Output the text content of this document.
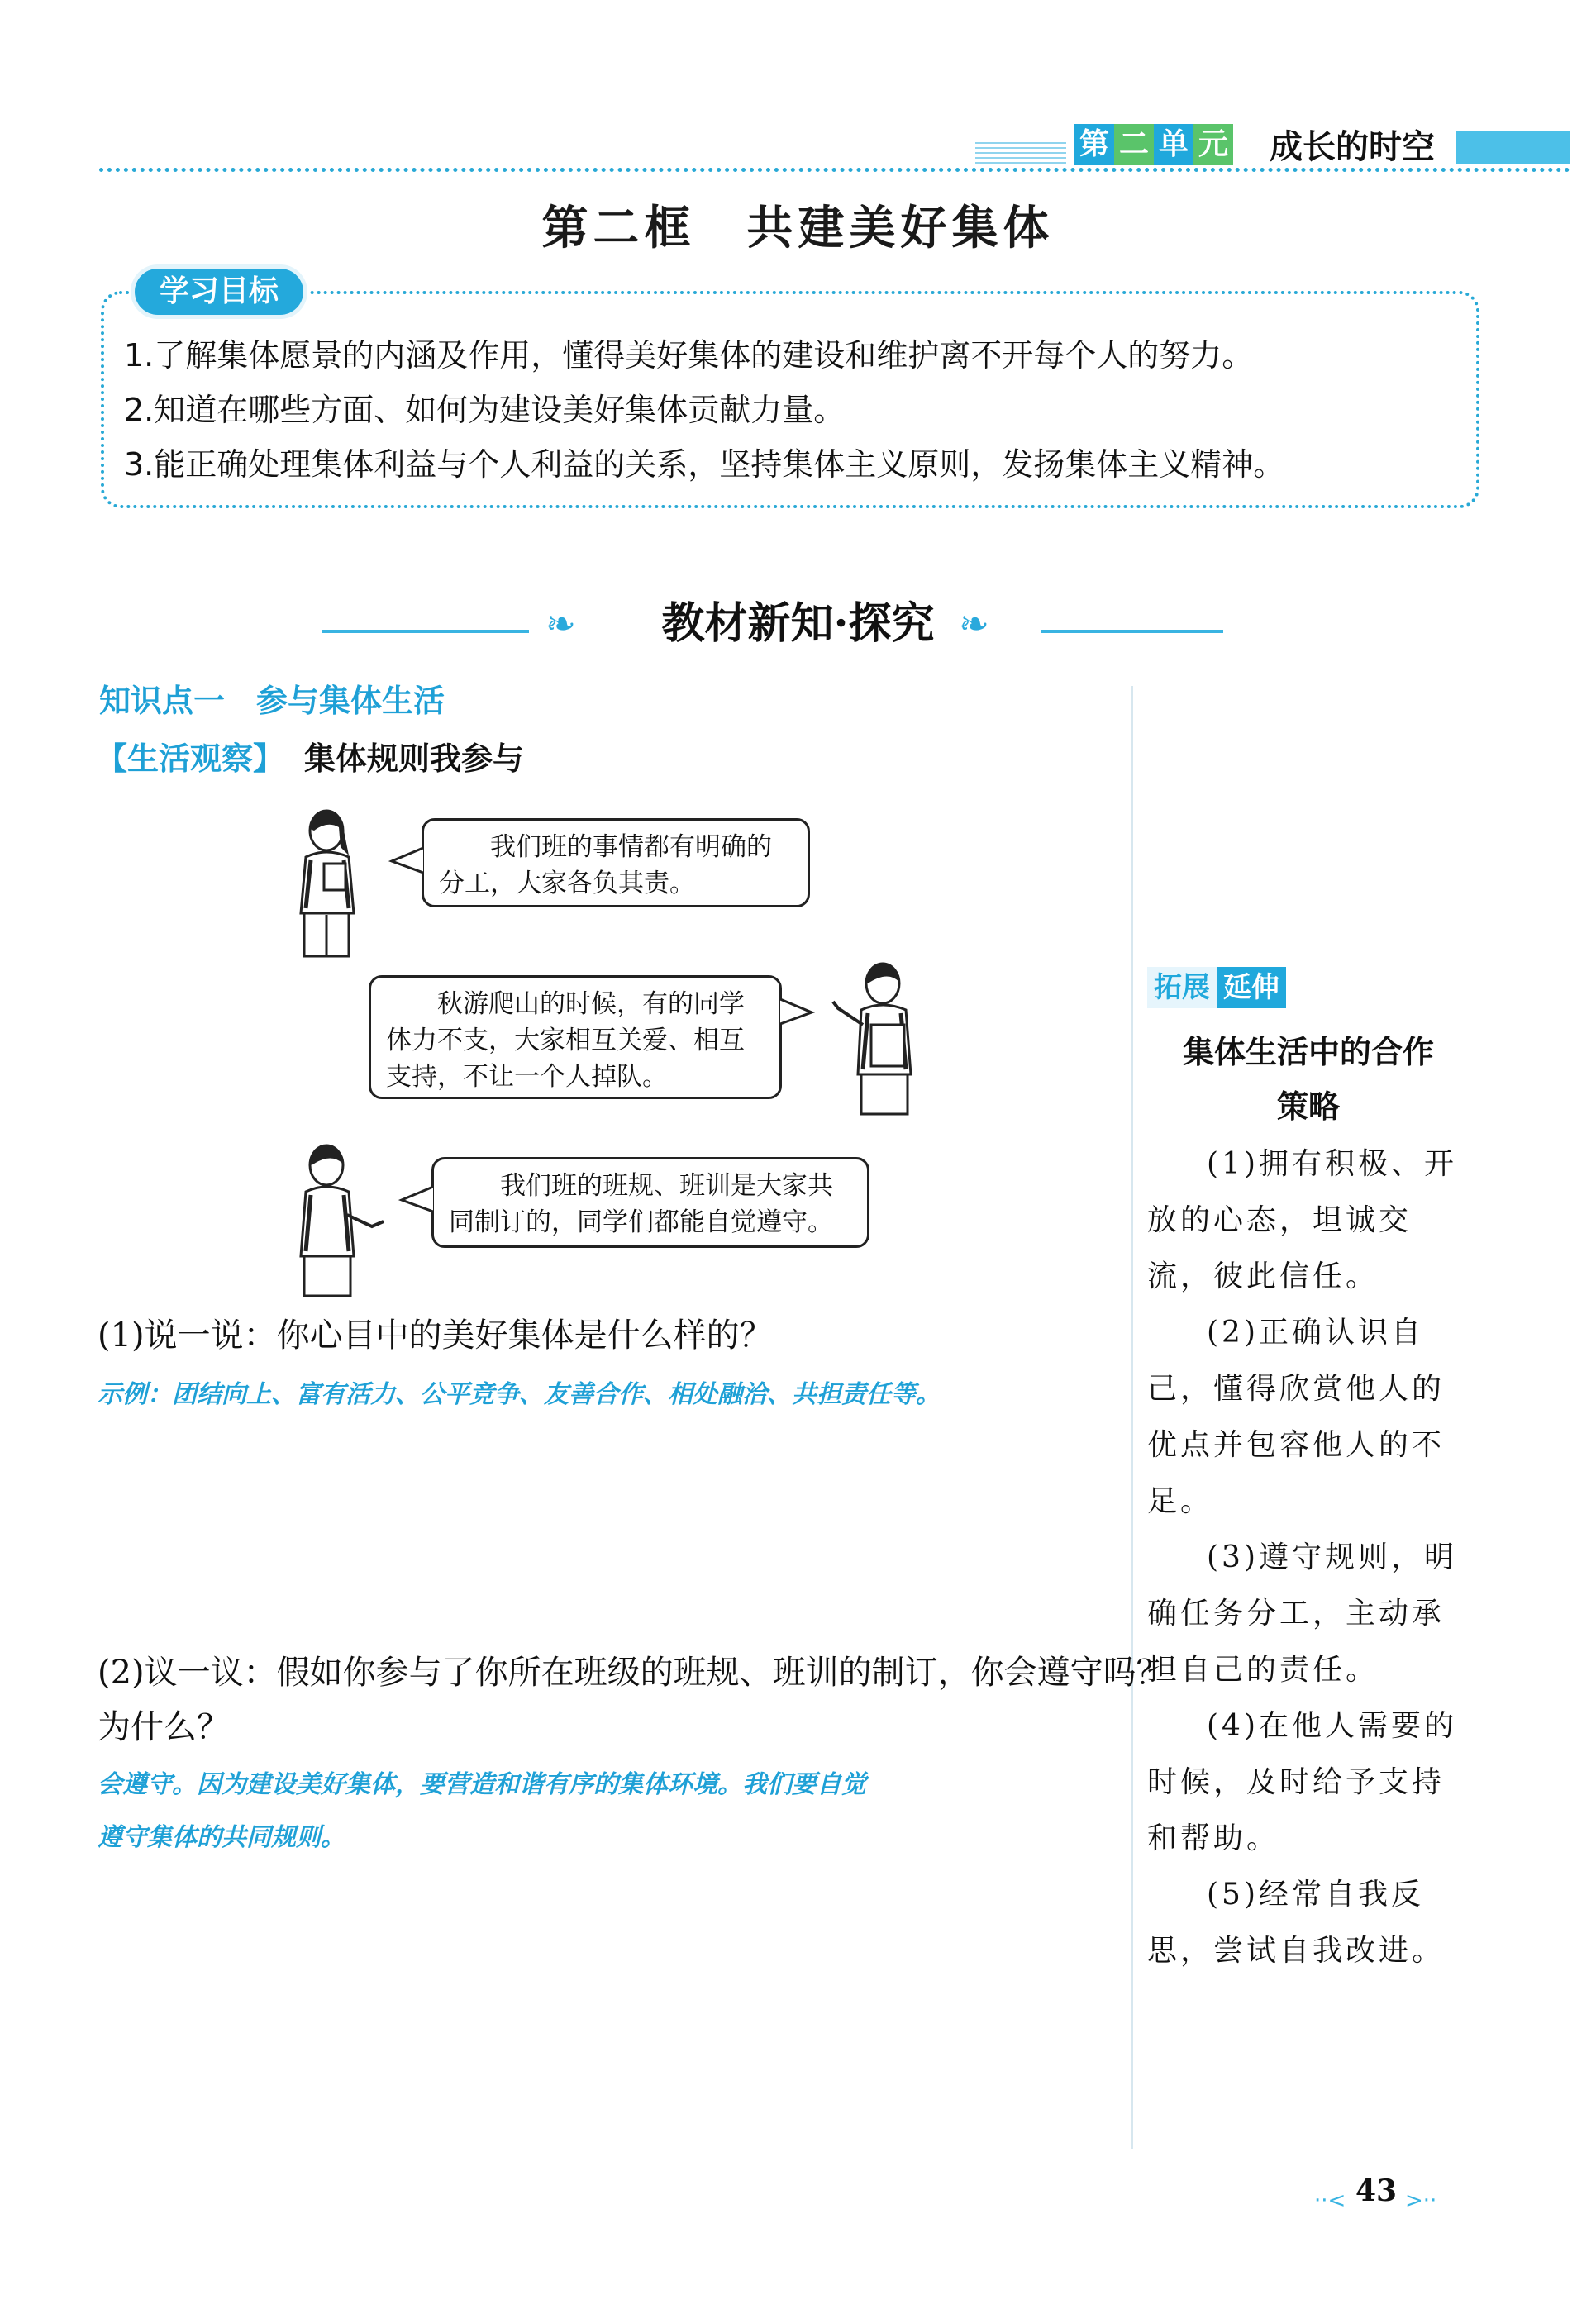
第 二 单 元 成长的时空
第二框　共建美好集体
学习目标
1.了解集体愿景的内涵及作用，懂得美好集体的建设和维护离不开每个人的努力。
2.知道在哪些方面、如何为建设美好集体贡献力量。
3.能正确处理集体利益与个人利益的关系，坚持集体主义原则，发扬集体主义精神。
❧	❧
教材新知·探究
知识点一　参与集体生活
【生活观察】 集体规则我参与
我们班的事情都有明确的
分工，大家各负其责。
秋游爬山的时候，有的同学
体力不支，大家相互关爱、相互
支持，不让一个人掉队。
我们班的班规、班训是大家共
同制订的，同学们都能自觉遵守。
(1)说一说：你心目中的美好集体是什么样的？
示例：团结向上、富有活力、公平竞争、友善合作、相处融洽、共担责任等。
(2)议一议：假如你参与了你所在班级的班规、班训的制订，你会遵守吗？
为什么？
会遵守。因为建设美好集体，要营造和谐有序的集体环境。我们要自觉
遵守集体的共同规则。
拓展 延伸
集体生活中的合作
策略

(1)拥有积极、开放的心态，坦诚交流，彼此信任。

(2)正确认识自己，懂得欣赏他人的优点并包容他人的不足。

(3)遵守规则，明确任务分工，主动承担自己的责任。

(4)在他人需要的时候，及时给予支持和帮助。

(5)经常自我反思，尝试自我改进。

··< 43 >··
